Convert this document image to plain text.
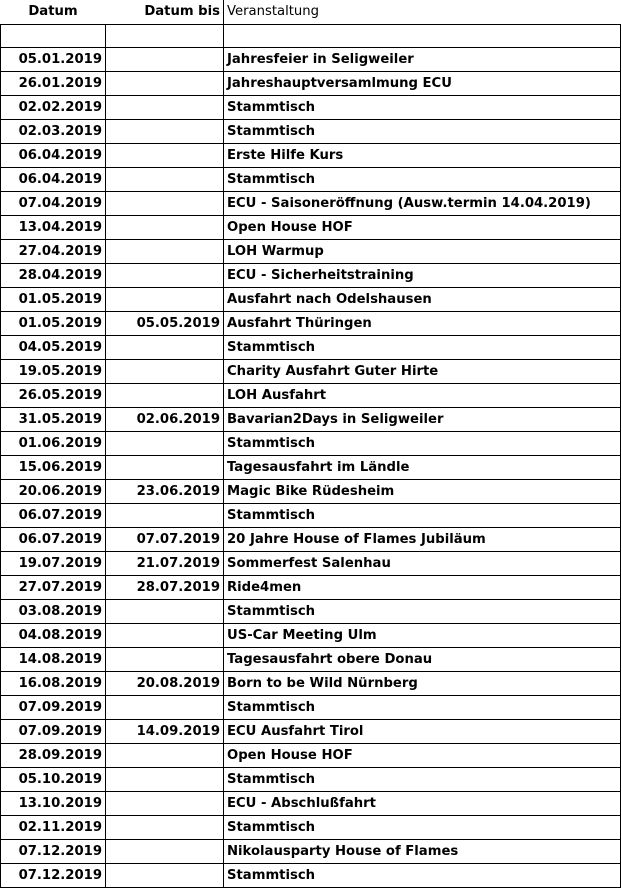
Datum	Datum bis	Veranstaltung

05.01.2019		Jahresfeier in Seligweiler
26.01.2019		Jahreshauptversamlmung ECU
02.02.2019		Stammtisch
02.03.2019		Stammtisch
06.04.2019		Erste Hilfe Kurs
06.04.2019		Stammtisch
07.04.2019		ECU - Saisoneröffnung (Ausw.termin 14.04.2019)
13.04.2019		Open House HOF
27.04.2019		LOH Warmup
28.04.2019		ECU - Sicherheitstraining
01.05.2019		Ausfahrt nach Odelshausen
01.05.2019	05.05.2019	Ausfahrt Thüringen
04.05.2019		Stammtisch
19.05.2019		Charity Ausfahrt Guter Hirte
26.05.2019		LOH Ausfahrt
31.05.2019	02.06.2019	Bavarian2Days in Seligweiler
01.06.2019		Stammtisch
15.06.2019		Tagesausfahrt im Ländle
20.06.2019	23.06.2019	Magic Bike Rüdesheim
06.07.2019		Stammtisch
06.07.2019	07.07.2019	20 Jahre House of Flames Jubiläum
19.07.2019	21.07.2019	Sommerfest Salenhau
27.07.2019	28.07.2019	Ride4men
03.08.2019		Stammtisch
04.08.2019		US-Car Meeting Ulm
14.08.2019		Tagesausfahrt obere Donau
16.08.2019	20.08.2019	Born to be Wild Nürnberg
07.09.2019		Stammtisch
07.09.2019	14.09.2019	ECU Ausfahrt Tirol
28.09.2019		Open House HOF
05.10.2019		Stammtisch
13.10.2019		ECU - Abschlußfahrt
02.11.2019		Stammtisch
07.12.2019		Nikolausparty House of Flames
07.12.2019		Stammtisch
